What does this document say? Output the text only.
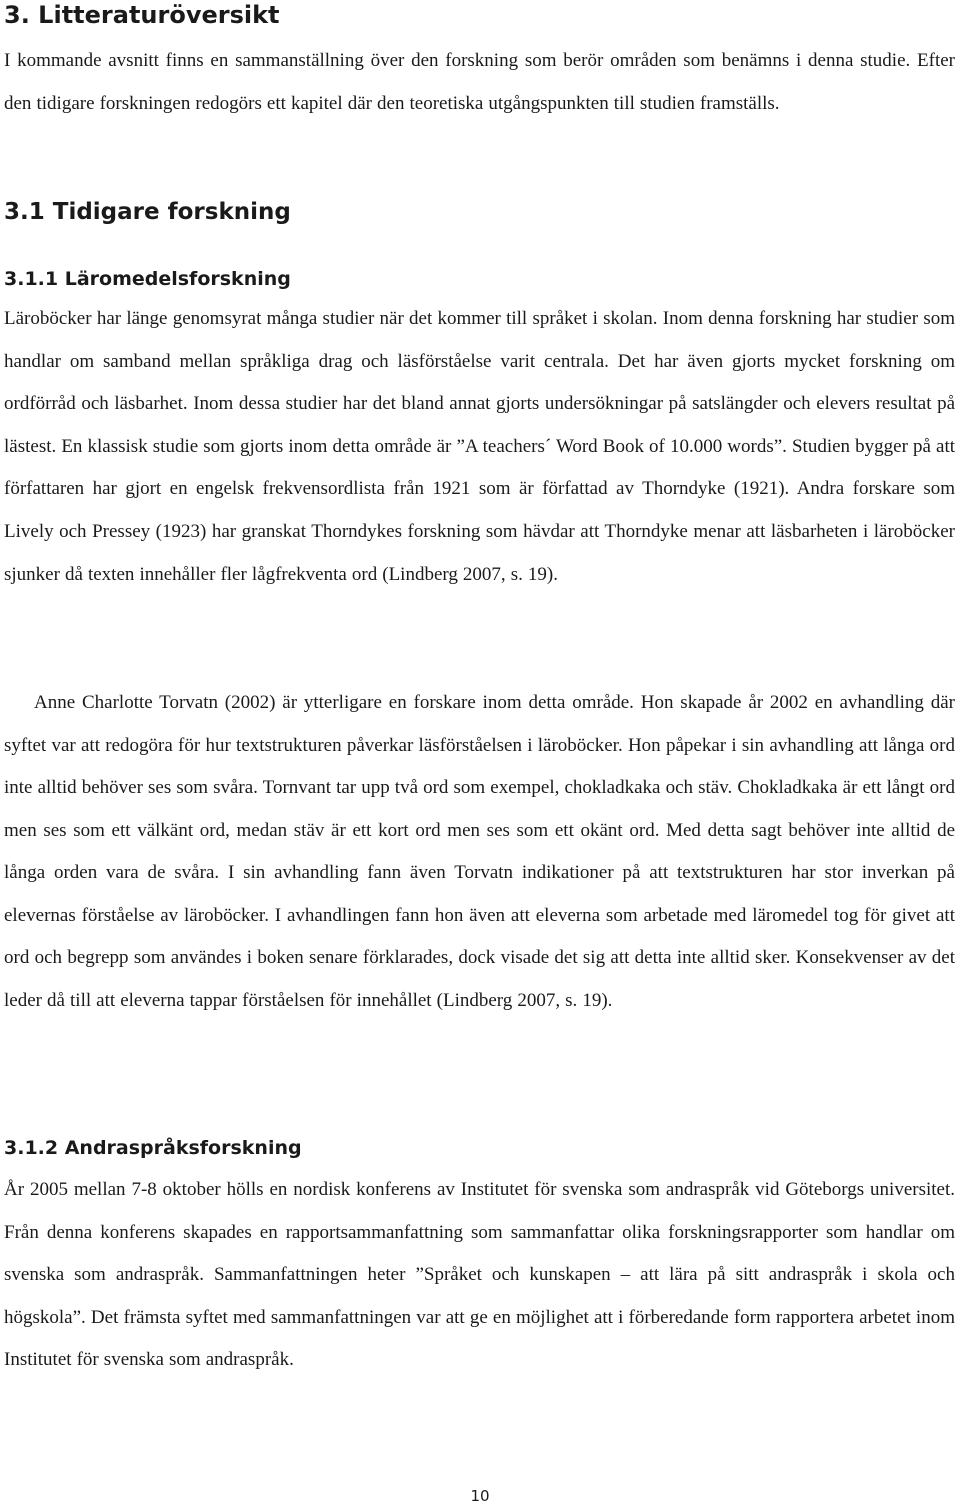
3. Litteraturöversikt

I kommande avsnitt finns en sammanställning över den forskning som berör områden som benämns i denna studie. Efter den tidigare forskningen redogörs ett kapitel där den teoretiska utgångspunkten till studien framställs.

3.1 Tidigare forskning
3.1.1 Läromedelsforskning

Läroböcker har länge genomsyrat många studier när det kommer till språket i skolan. Inom denna forskning har studier som handlar om samband mellan språkliga drag och läsförståelse varit centrala. Det har även gjorts mycket forskning om ordförråd och läsbarhet. Inom dessa studier har det bland annat gjorts undersökningar på satslängder och elevers resultat på lästest. En klassisk studie som gjorts inom detta område är ”A teachers´ Word Book of 10.000 words”. Studien bygger på att författaren har gjort en engelsk frekvensordlista från 1921 som är författad av Thorndyke (1921). Andra forskare som Lively och Pressey (1923) har granskat Thorndykes forskning som hävdar att Thorndyke menar att läsbarheten i läroböcker sjunker då texten innehåller fler lågfrekventa ord (Lindberg 2007, s. 19).

Anne Charlotte Torvatn (2002) är ytterligare en forskare inom detta område. Hon skapade år 2002 en avhandling där syftet var att redogöra för hur textstrukturen påverkar läsförståelsen i läroböcker. Hon påpekar i sin avhandling att långa ord inte alltid behöver ses som svåra. Tornvant tar upp två ord som exempel, chokladkaka och stäv. Chokladkaka är ett långt ord men ses som ett välkänt ord, medan stäv är ett kort ord men ses som ett okänt ord. Med detta sagt behöver inte alltid de långa orden vara de svåra. I sin avhandling fann även Torvatn indikationer på att textstrukturen har stor inverkan på elevernas förståelse av läroböcker. I avhandlingen fann hon även att eleverna som arbetade med läromedel tog för givet att ord och begrepp som användes i boken senare förklarades, dock visade det sig att detta inte alltid sker. Konsekvenser av det leder då till att eleverna tappar förståelsen för innehållet (Lindberg 2007, s. 19).

3.1.2 Andraspråksforskning

År 2005 mellan 7-8 oktober hölls en nordisk konferens av Institutet för svenska som andraspråk vid Göteborgs universitet. Från denna konferens skapades en rapportsammanfattning som sammanfattar olika forskningsrapporter som handlar om svenska som andraspråk. Sammanfattningen heter ”Språket och kunskapen – att lära på sitt andraspråk i skola och högskola”. Det främsta syftet med sammanfattningen var att ge en möjlighet att i förberedande form rapportera arbetet inom Institutet för svenska som andraspråk.

10
